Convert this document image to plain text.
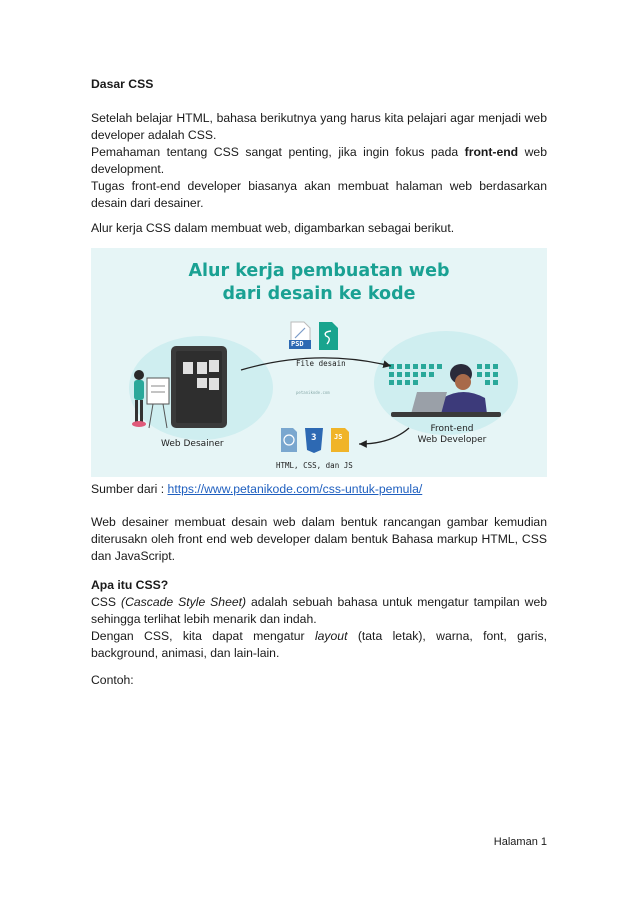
Dasar CSS

Setelah belajar HTML, bahasa berikutnya yang harus kita pelajari agar menjadi web developer adalah CSS.

Pemahaman tentang CSS sangat penting, jika ingin fokus pada front-end web development.

Tugas front-end developer biasanya akan membuat halaman web berdasarkan desain dari desainer.

Alur kerja CSS dalam membuat web, digambarkan sebagai berikut.
Alur kerja pembuatan web
dari desain ke kode
PSD
File desain
petanikode.com
Web Desainer
Front-end
Web Developer
HTML, CSS, dan JS
JS
3
Sumber dari : https://www.petanikode.com/css-untuk-pemula/
Web desainer membuat desain web dalam bentuk rancangan gambar kemudian diterusakn oleh front end web developer dalam bentuk Bahasa markup HTML, CSS dan JavaScript.
Apa itu CSS?

CSS (Cascade Style Sheet) adalah sebuah bahasa untuk mengatur tampilan web sehingga terlihat lebih menarik dan indah.

Dengan CSS, kita dapat mengatur layout (tata letak), warna, font, garis, background, animasi, dan lain-lain.

Contoh:
Halaman 1
